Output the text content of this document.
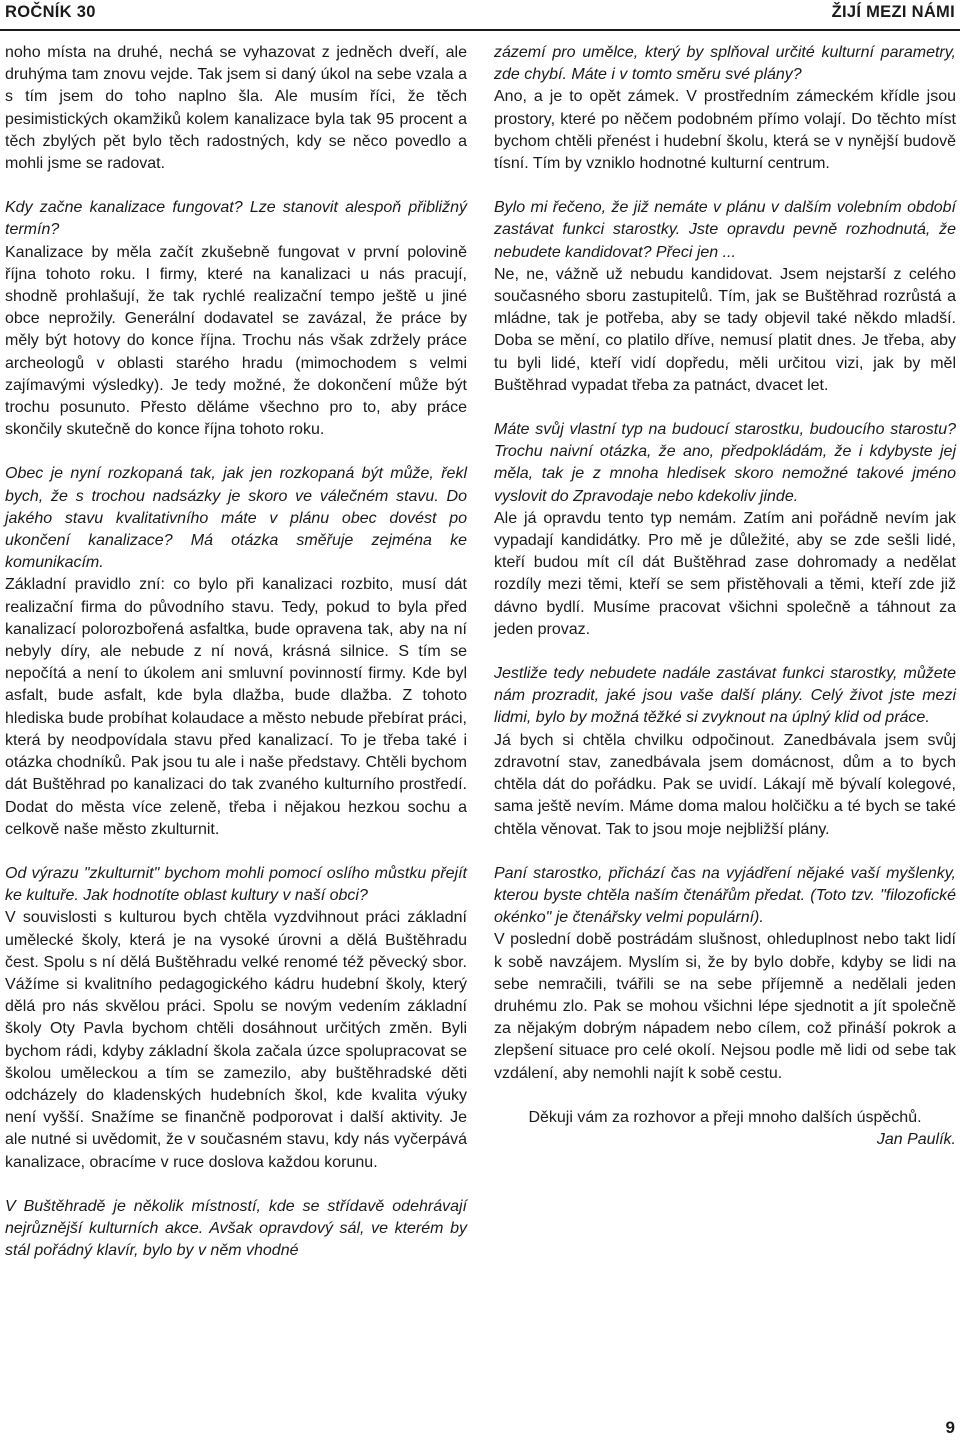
ROČNÍK 30	ŽIJÍ MEZI NÁMI

noho místa na druhé, nechá se vyhazovat z jedněch dveří, ale druhýma tam znovu vejde. Tak jsem si daný úkol na sebe vzala a s tím jsem do toho naplno šla. Ale musím říci, že těch pesimistických okamžiků kolem kanalizace byla tak 95 procent a těch zbylých pět bylo těch radostných, kdy se něco povedlo a mohli jsme se radovat.

Kdy začne kanalizace fungovat? Lze stanovit alespoň přibližný termín?

Kanalizace by měla začít zkušebně fungovat v první polovině října tohoto roku. I firmy, které na kanalizaci u nás pracují, shodně prohlašují, že tak rychlé realizační tempo ještě u jiné obce neprožily. Generální dodavatel se zavázal, že práce by měly být hotovy do konce října. Trochu nás však zdržely práce archeologů v oblasti starého hradu (mimochodem s velmi zajímavými výsledky). Je tedy možné, že dokončení může být trochu posunuto. Přesto děláme všechno pro to, aby práce skončily skutečně do konce října tohoto roku.

Obec je nyní rozkopaná tak, jak jen rozkopaná být může, řekl bych, že s trochou nadsázky je skoro ve válečném stavu. Do jakého stavu kvalitativního máte v plánu obec dovést po ukončení kanalizace? Má otázka směřuje zejména ke komunikacím.

Základní pravidlo zní: co bylo při kanalizaci rozbito, musí dát realizační firma do původního stavu. Tedy, pokud to byla před kanalizací polorozbořená asfaltka, bude opravena tak, aby na ní nebyly díry, ale nebude z ní nová, krásná silnice. S tím se nepočítá a není to úkolem ani smluvní povinností firmy. Kde byl asfalt, bude asfalt, kde byla dlažba, bude dlažba. Z tohoto hlediska bude probíhat kolaudace a město nebude přebírat práci, která by neodpovídala stavu před kanalizací. To je třeba také i otázka chodníků. Pak jsou tu ale i naše představy. Chtěli bychom dát Buštěhrad po kanalizaci do tak zvaného kulturního prostředí. Dodat do města více zeleně, třeba i nějakou hezkou sochu a celkově naše město zkulturnit.

Od výrazu "zkulturnit" bychom mohli pomocí oslího můstku přejít ke kultuře. Jak hodnotíte oblast kultury v naší obci?

V souvislosti s kulturou bych chtěla vyzdvihnout práci základní umělecké školy, která je na vysoké úrovni a dělá Buštěhradu čest. Spolu s ní dělá Buštěhradu velké renomé též pěvecký sbor. Vážíme si kvalitního pedagogického kádru hudební školy, který dělá pro nás skvělou práci. Spolu se novým vedením základní školy Oty Pavla bychom chtěli dosáhnout určitých změn. Byli bychom rádi, kdyby základní škola začala úzce spolupracovat se školou uměleckou a tím se zamezilo, aby buštěhradské děti odcházely do kladenských hudebních škol, kde kvalita výuky není vyšší. Snažíme se finančně podporovat i další aktivity. Je ale nutné si uvědomit, že v současném stavu, kdy nás vyčerpává kanalizace, obracíme v ruce doslova každou korunu.

V Buštěhradě je několik místností, kde se střídavě odehrávají nejrůznější kulturních akce. Avšak opravdový sál, ve kterém by stál pořádný klavír, bylo by v něm vhodné

zázemí pro umělce, který by splňoval určité kulturní parametry, zde chybí. Máte i v tomto směru své plány?

Ano, a je to opět zámek. V prostředním zámeckém křídle jsou prostory, které po něčem podobném přímo volají. Do těchto míst bychom chtěli přenést i hudební školu, která se v nynější budově tísní. Tím by vzniklo hodnotné kulturní centrum.

Bylo mi řečeno, že již nemáte v plánu v dalším volebním období zastávat funkci starostky. Jste opravdu pevně rozhodnutá, že nebudete kandidovat? Přeci jen ...

Ne, ne, vážně už nebudu kandidovat. Jsem nejstarší z celého současného sboru zastupitelů. Tím, jak se Buštěhrad rozrůstá a mládne, tak je potřeba, aby se tady objevil také někdo mladší. Doba se mění, co platilo dříve, nemusí platit dnes. Je třeba, aby tu byli lidé, kteří vidí dopředu, měli určitou vizi, jak by měl Buštěhrad vypadat třeba za patnáct, dvacet let.

Máte svůj vlastní typ na budoucí starostku, budoucího starostu? Trochu naivní otázka, že ano, předpokládám, že i kdybyste jej měla, tak je z mnoha hledisek skoro nemožné takové jméno vyslovit do Zpravodaje nebo kdekoliv jinde.

Ale já opravdu tento typ nemám. Zatím ani pořádně nevím jak vypadají kandidátky. Pro mě je důležité, aby se zde sešli lidé, kteří budou mít cíl dát Buštěhrad zase dohromady a nedělat rozdíly mezi těmi, kteří se sem přistěhovali a těmi, kteří zde již dávno bydlí. Musíme pracovat všichni společně a táhnout za jeden provaz.

Jestliže tedy nebudete nadále zastávat funkci starostky, můžete nám prozradit, jaké jsou vaše další plány. Celý život jste mezi lidmi, bylo by možná těžké si zvyknout na úplný klid od práce.

Já bych si chtěla chvilku odpočinout. Zanedbávala jsem svůj zdravotní stav, zanedbávala jsem domácnost, dům a to bych chtěla dát do pořádku. Pak se uvidí. Lákají mě bývalí kolegové, sama ještě nevím. Máme doma malou holčičku a té bych se také chtěla věnovat. Tak to jsou moje nejbližší plány.

Paní starostko, přichází čas na vyjádření nějaké vaší myšlenky, kterou byste chtěla naším čtenářům předat. (Toto tzv. "filozofické okénko" je čtenářsky velmi populární).

V poslední době postrádám slušnost, ohleduplnost nebo takt lidí k sobě navzájem. Myslím si, že by bylo dobře, kdyby se lidi na sebe nemračili, tvářili se na sebe příjemně a nedělali jeden druhému zlo. Pak se mohou všichni lépe sjednotit a jít společně za nějakým dobrým nápadem nebo cílem, což přináší pokrok a zlepšení situace pro celé okolí. Nejsou podle mě lidi od sebe tak vzdálení, aby nemohli najít k sobě cestu.

Děkuji vám za rozhovor a přeji mnoho dalších úspěchů.

Jan Paulík.

9
